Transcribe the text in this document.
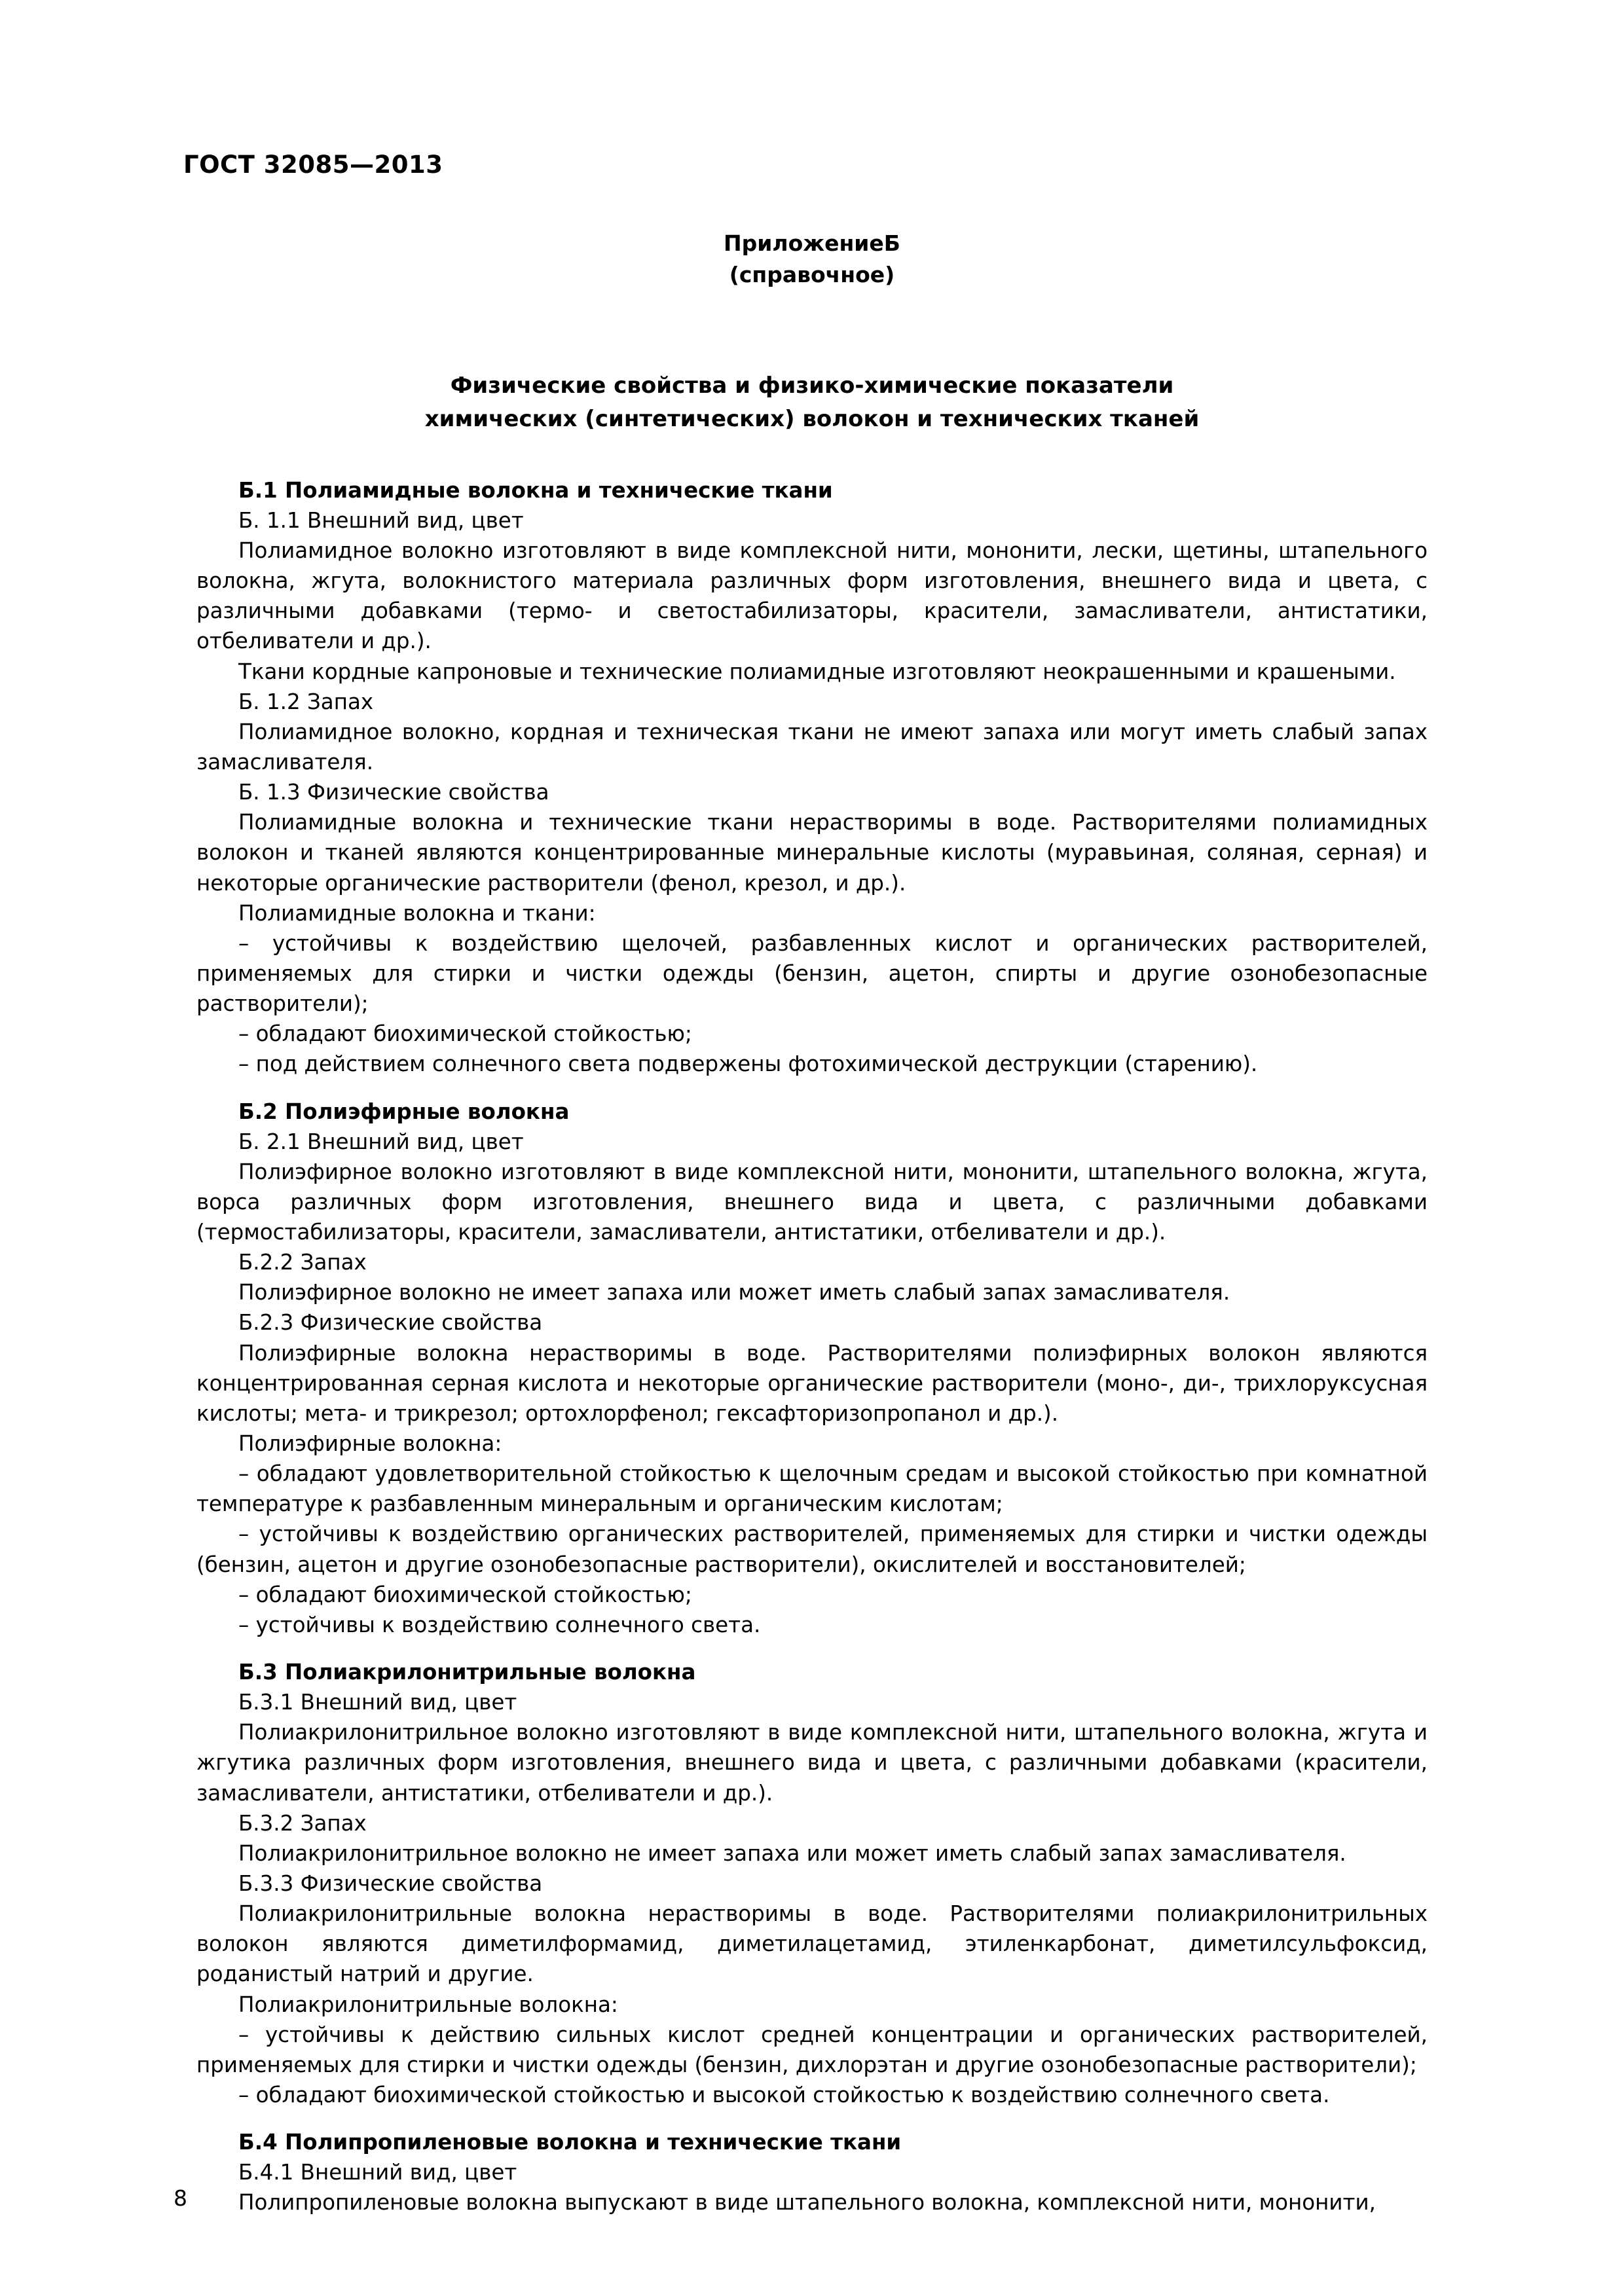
ГОСТ 32085—2013
ПриложениеБ
(справочное)
Физические свойства и физико-химические показатели
химических (синтетических) волокон и технических тканей

Б.1 Полиамидные волокна и технические ткани

Б. 1.1 Внешний вид, цвет

Полиамидное волокно изготовляют в виде комплексной нити, мононити, лески, щетины, штапельного волокна, жгута, волокнистого материала различных форм изготовления, внешнего вида и цвета, с различными добавками (термо- и светостабилизаторы, красители, замасливатели, антистатики, отбеливатели и др.).

Ткани кордные капроновые и технические полиамидные изготовляют неокрашенными и крашеными.

Б. 1.2 Запах

Полиамидное волокно, кордная и техническая ткани не имеют запаха или могут иметь слабый запах замасливателя.

Б. 1.3 Физические свойства

Полиамидные волокна и технические ткани нерастворимы в воде. Растворителями полиамидных волокон и тканей являются концентрированные минеральные кислоты (муравьиная, соляная, серная) и некоторые органические растворители (фенол, крезол, и др.).

Полиамидные волокна и ткани:

– устойчивы к воздействию щелочей, разбавленных кислот и органических растворителей, применяемых для стирки и чистки одежды (бензин, ацетон, спирты и другие озонобезопасные растворители);

– обладают биохимической стойкостью;

– под действием солнечного света подвержены фотохимической деструкции (старению).

Б.2 Полиэфирные волокна

Б. 2.1 Внешний вид, цвет

Полиэфирное волокно изготовляют в виде комплексной нити, мононити, штапельного волокна, жгута, ворса различных форм изготовления, внешнего вида и цвета, с различными добавками (термостабилизаторы, красители, замасливатели, антистатики, отбеливатели и др.).

Б.2.2 Запах

Полиэфирное волокно не имеет запаха или может иметь слабый запах замасливателя.

Б.2.3 Физические свойства

Полиэфирные волокна нерастворимы в воде. Растворителями полиэфирных волокон являются концентрированная серная кислота и некоторые органические растворители (моно-, ди-, трихлоруксусная кислоты; мета- и трикрезол; ортохлорфенол; гексафторизопропанол и др.).

Полиэфирные волокна:

– обладают удовлетворительной стойкостью к щелочным средам и высокой стойкостью при комнатной температуре к разбавленным минеральным и органическим кислотам;

– устойчивы к воздействию органических растворителей, применяемых для стирки и чистки одежды (бензин, ацетон и другие озонобезопасные растворители), окислителей и восстановителей;

– обладают биохимической стойкостью;

– устойчивы к воздействию солнечного света.

Б.3 Полиакрилонитрильные волокна

Б.3.1 Внешний вид, цвет

Полиакрилонитрильное волокно изготовляют в виде комплексной нити, штапельного волокна, жгута и жгутика различных форм изготовления, внешнего вида и цвета, с различными добавками (красители, замасливатели, антистатики, отбеливатели и др.).

Б.3.2 Запах

Полиакрилонитрильное волокно не имеет запаха или может иметь слабый запах замасливателя.

Б.3.3 Физические свойства

Полиакрилонитрильные волокна нерастворимы в воде. Растворителями полиакрилонитрильных волокон являются диметилформамид, диметилацетамид, этиленкарбонат, диметилсульфоксид, роданистый натрий и другие.

Полиакрилонитрильные волокна:

– устойчивы к действию сильных кислот средней концентрации и органических растворителей, применяемых для стирки и чистки одежды (бензин, дихлорэтан и другие озонобезопасные растворители);

– обладают биохимической стойкостью и высокой стойкостью к воздействию солнечного света.

Б.4 Полипропиленовые волокна и технические ткани

Б.4.1 Внешний вид, цвет

Полипропиленовые волокна выпускают в виде штапельного волокна, комплексной нити, мононити,

8
